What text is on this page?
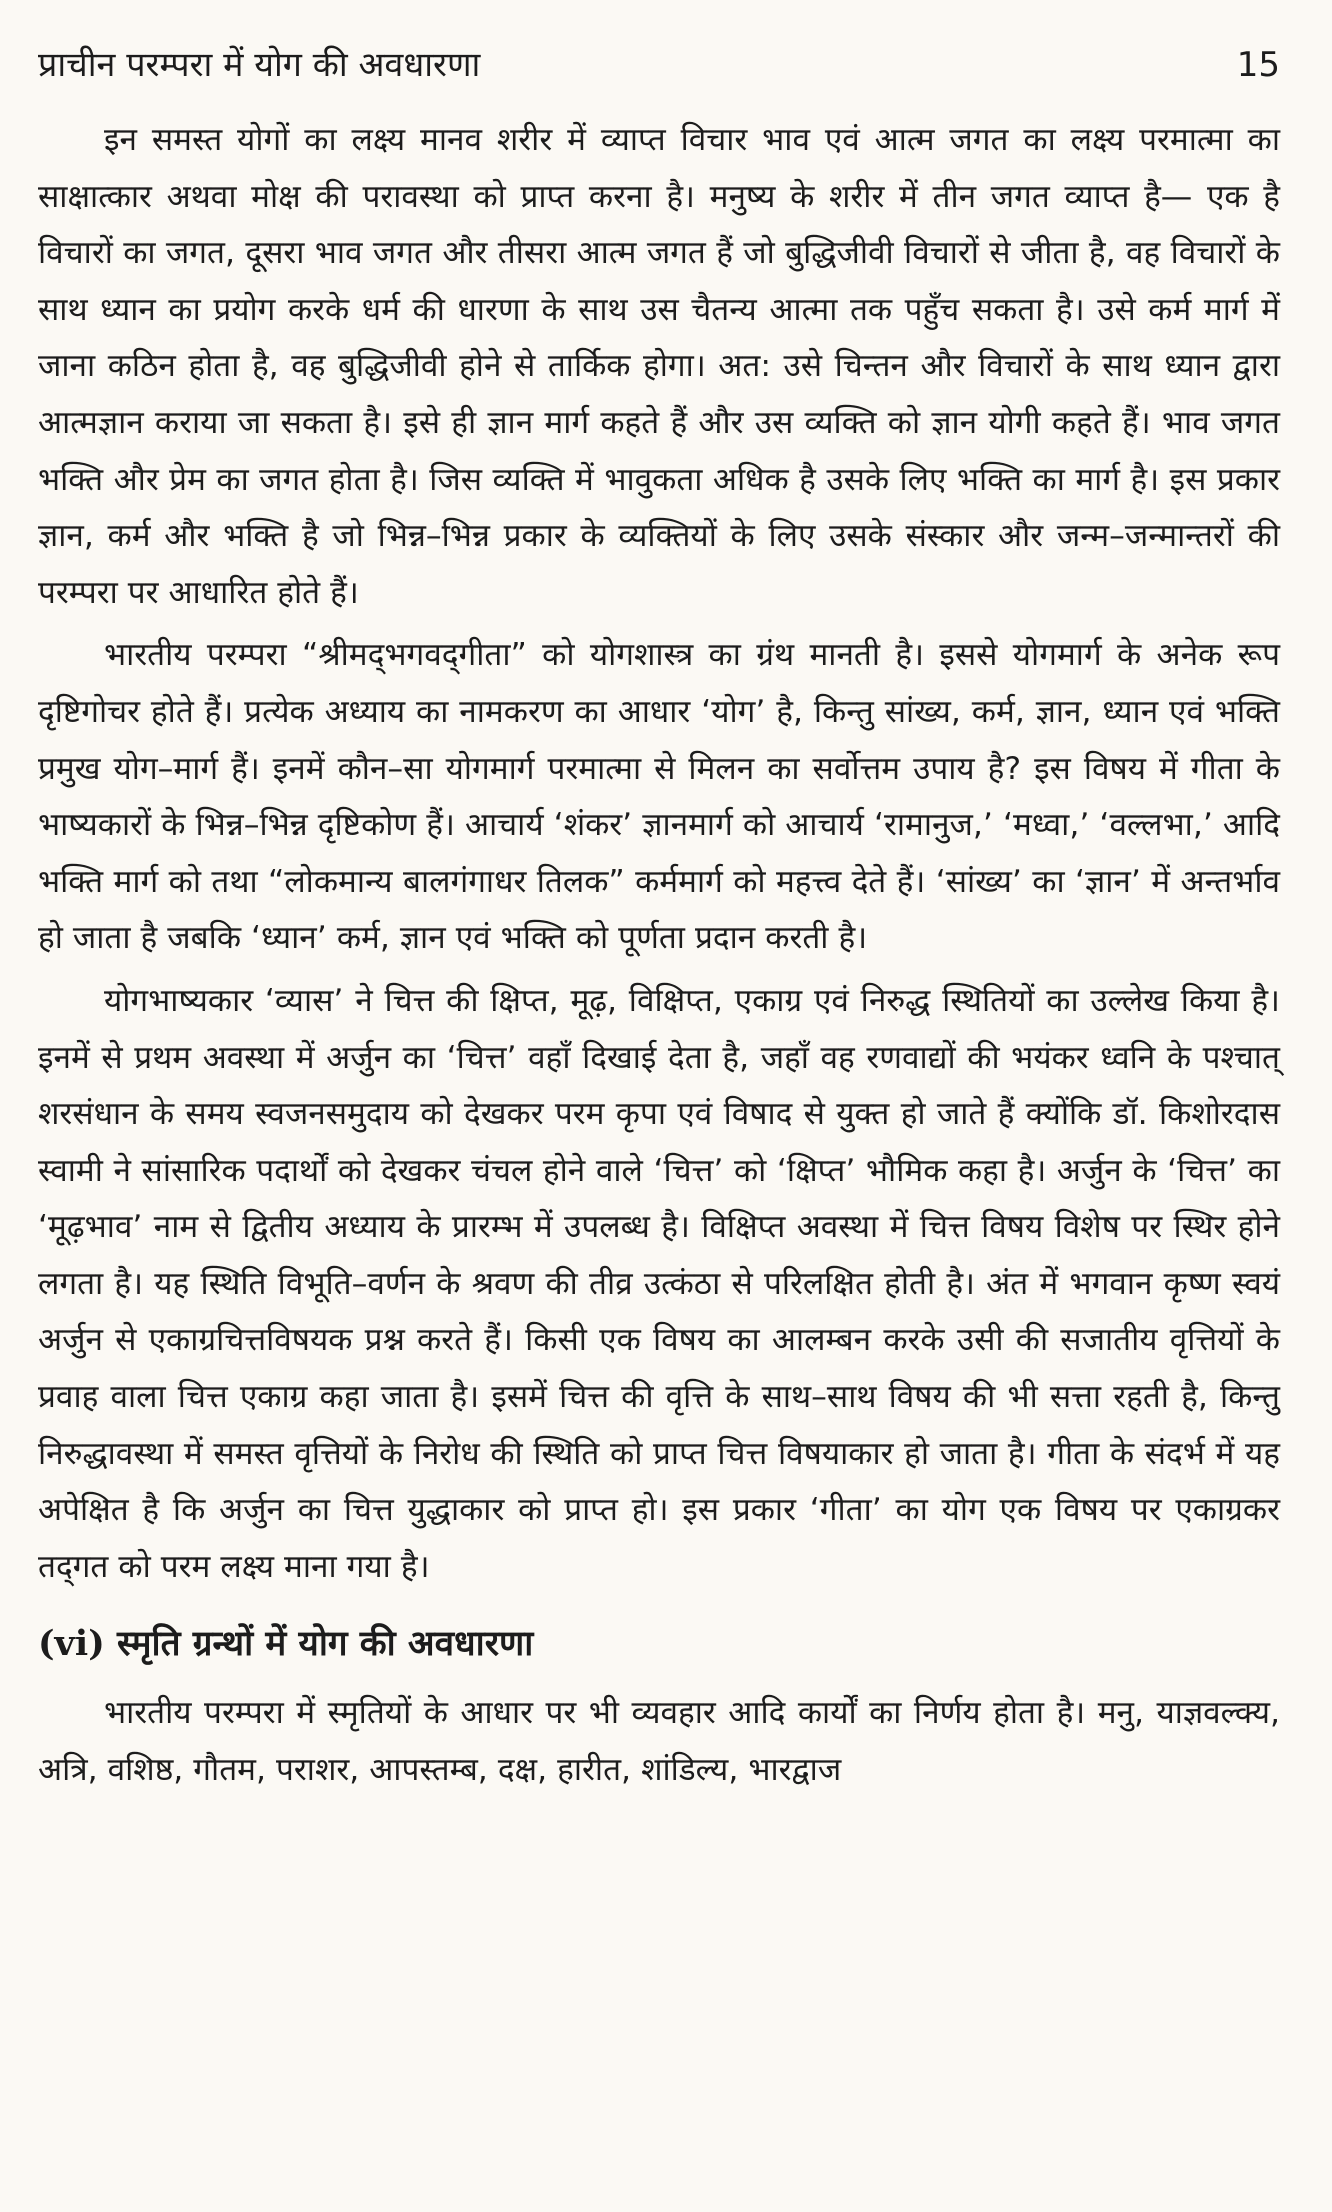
प्राचीन परम्परा में योग की अवधारणा	15

इन समस्त योगों का लक्ष्य मानव शरीर में व्याप्त विचार भाव एवं आत्म जगत का लक्ष्य परमात्मा का साक्षात्कार अथवा मोक्ष की परावस्था को प्राप्त करना है। मनुष्य के शरीर में तीन जगत व्याप्त है— एक है विचारों का जगत, दूसरा भाव जगत और तीसरा आत्म जगत हैं जो बुद्धिजीवी विचारों से जीता है, वह विचारों के साथ ध्यान का प्रयोग करके धर्म की धारणा के साथ उस चैतन्य आत्मा तक पहुँच सकता है। उसे कर्म मार्ग में जाना कठिन होता है, वह बुद्धिजीवी होने से तार्किक होगा। अत: उसे चिन्तन और विचारों के साथ ध्यान द्वारा आत्मज्ञान कराया जा सकता है। इसे ही ज्ञान मार्ग कहते हैं और उस व्यक्ति को ज्ञान योगी कहते हैं। भाव जगत भक्ति और प्रेम का जगत होता है। जिस व्यक्ति में भावुकता अधिक है उसके लिए भक्ति का मार्ग है। इस प्रकार ज्ञान, कर्म और भक्ति है जो भिन्न–भिन्न प्रकार के व्यक्तियों के लिए उसके संस्कार और जन्म–जन्मान्तरों की परम्परा पर आधारित होते हैं।

भारतीय परम्परा “श्रीमद्‌भगवद्‌गीता” को योगशास्त्र का ग्रंथ मानती है। इससे योगमार्ग के अनेक रूप दृष्टिगोचर होते हैं। प्रत्येक अध्याय का नामकरण का आधार ‘योग’ है, किन्तु सांख्य, कर्म, ज्ञान, ध्यान एवं भक्ति प्रमुख योग–मार्ग हैं। इनमें कौन–सा योगमार्ग परमात्मा से मिलन का सर्वोत्तम उपाय है? इस विषय में गीता के भाष्यकारों के भिन्न–भिन्न दृष्टिकोण हैं। आचार्य ‘शंकर’ ज्ञानमार्ग को आचार्य ‘रामानुज,’ ‘मध्वा,’ ‘वल्लभा,’ आदि भक्ति मार्ग को तथा “लोकमान्य बालगंगाधर तिलक” कर्ममार्ग को महत्त्व देते हैं। ‘सांख्य’ का ‘ज्ञान’ में अन्तर्भाव हो जाता है जबकि ‘ध्यान’ कर्म, ज्ञान एवं भक्ति को पूर्णता प्रदान करती है।

योगभाष्यकार ‘व्यास’ ने चित्त की क्षिप्त, मूढ़, विक्षिप्त, एकाग्र एवं निरुद्ध स्थितियों का उल्लेख किया है। इनमें से प्रथम अवस्था में अर्जुन का ‘चित्त’ वहाँ दिखाई देता है, जहाँ वह रणवाद्यों की भयंकर ध्वनि के पश्चात् शरसंधान के समय स्वजनसमुदाय को देखकर परम कृपा एवं विषाद से युक्त हो जाते हैं क्योंकि डॉ. किशोरदास स्वामी ने सांसारिक पदार्थों को देखकर चंचल होने वाले ‘चित्त’ को ‘क्षिप्त’ भौमिक कहा है। अर्जुन के ‘चित्त’ का ‘मूढ़भाव’ नाम से द्वितीय अध्याय के प्रारम्भ में उपलब्ध है। विक्षिप्त अवस्था में चित्त विषय विशेष पर स्थिर होने लगता है। यह स्थिति विभूति–वर्णन के श्रवण की तीव्र उत्कंठा से परिलक्षित होती है। अंत में भगवान कृष्ण स्वयं अर्जुन से एकाग्रचित्तविषयक प्रश्न करते हैं। किसी एक विषय का आलम्बन करके उसी की सजातीय वृत्तियों के प्रवाह वाला चित्त एकाग्र कहा जाता है। इसमें चित्त की वृत्ति के साथ–साथ विषय की भी सत्ता रहती है, किन्तु निरुद्धावस्था में समस्त वृत्तियों के निरोध की स्थिति को प्राप्त चित्त विषयाकार हो जाता है। गीता के संदर्भ में यह अपेक्षित है कि अर्जुन का चित्त युद्धाकार को प्राप्त हो। इस प्रकार ‘गीता’ का योग एक विषय पर एकाग्रकर तद्‌गत को परम लक्ष्य माना गया है।

(vi) स्मृति ग्रन्थों में योग की अवधारणा

भारतीय परम्परा में स्मृतियों के आधार पर भी व्यवहार आदि कार्यों का निर्णय होता है। मनु, याज्ञवल्क्य, अत्रि, वशिष्ठ, गौतम, पराशर, आपस्तम्ब, दक्ष, हारीत, शांडिल्य, भारद्वाज
